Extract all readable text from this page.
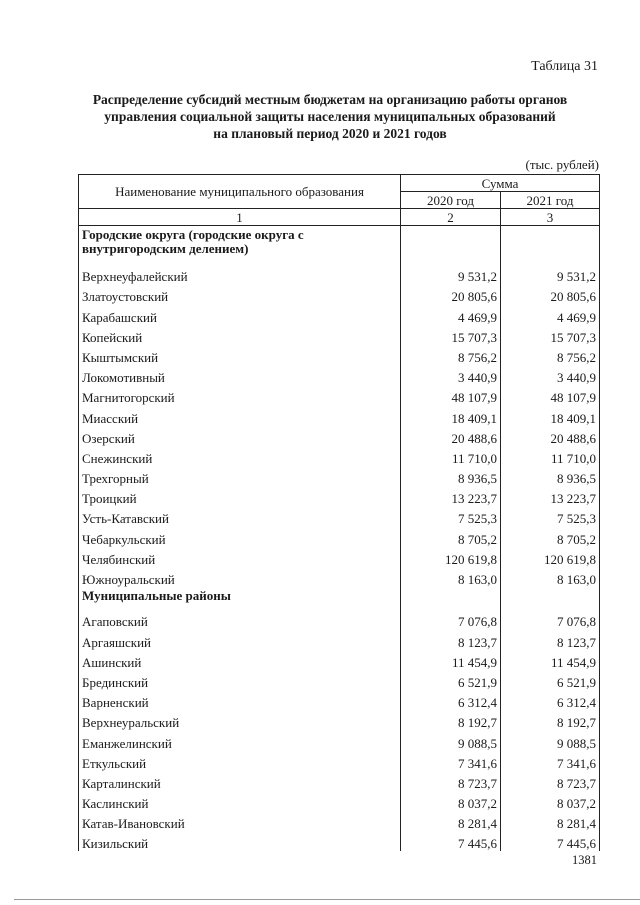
Таблица 31
Распределение субсидий местным бюджетам на организацию работы органов
управления социальной защиты населения муниципальных образований
на плановый период 2020 и 2021 годов
(тыс. рублей)
Наименование муниципального образования	Сумма	
	2020 год	2021 год
1	2	3
Городские округа (городские округа с внутригородским делением)		
Верхнеуфалейский	9 531,2	9 531,2
Златоустовский	20 805,6	20 805,6
Карабашский	4 469,9	4 469,9
Копейский	15 707,3	15 707,3
Кыштымский	8 756,2	8 756,2
Локомотивный	3 440,9	3 440,9
Магнитогорский	48 107,9	48 107,9
Миасский	18 409,1	18 409,1
Озерский	20 488,6	20 488,6
Снежинский	11 710,0	11 710,0
Трехгорный	8 936,5	8 936,5
Троицкий	13 223,7	13 223,7
Усть-Катавский	7 525,3	7 525,3
Чебаркульский	8 705,2	8 705,2
Челябинский	120 619,8	120 619,8
Южноуральский	8 163,0	8 163,0
Муниципальные районы		
Агаповский	7 076,8	7 076,8
Аргаяшский	8 123,7	8 123,7
Ашинский	11 454,9	11 454,9
Брединский	6 521,9	6 521,9
Варненский	6 312,4	6 312,4
Верхнеуральский	8 192,7	8 192,7
Еманжелинский	9 088,5	9 088,5
Еткульский	7 341,6	7 341,6
Карталинский	8 723,7	8 723,7
Каслинский	8 037,2	8 037,2
Катав-Ивановский	8 281,4	8 281,4
Кизильский	7 445,6	7 445,6
1381
